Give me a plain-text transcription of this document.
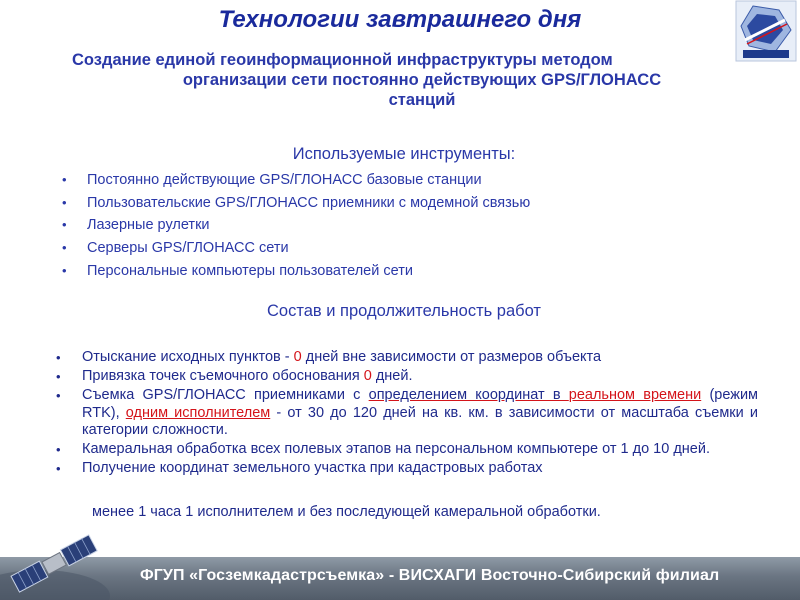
Технологии завтрашнего дня
Создание единой геоинформационной инфраструктуры методом
организации сети постоянно действующих GPS/ГЛОНАСС
станций
Используемые инструменты:
• Постоянно действующие GPS/ГЛОНАСС базовые станции
• Пользовательские GPS/ГЛОНАСС приемники с модемной связью
• Лазерные рулетки
• Серверы GPS/ГЛОНАСС сети
• Персональные компьютеры пользователей сети
Состав и продолжительность работ
• Отыскание исходных пунктов - 0 дней вне зависимости от размеров объекта
• Привязка точек съемочного обоснования 0 дней.
• Съемка GPS/ГЛОНАСС приемниками с определением координат в реальном времени (режим RTK), одним исполнителем - от 30 до 120 дней на кв. км. в зависимости от масштаба съемки и категории сложности.
• Камеральная обработка всех полевых этапов на персональном компьютере от 1 до 10 дней.
• Получение координат земельного участка при кадастровых работах
менее 1 часа 1 исполнителем и без последующей камеральной обработки.
ФГУП «Госземкадастрсъемка» - ВИСХАГИ Восточно-Сибирский филиал
